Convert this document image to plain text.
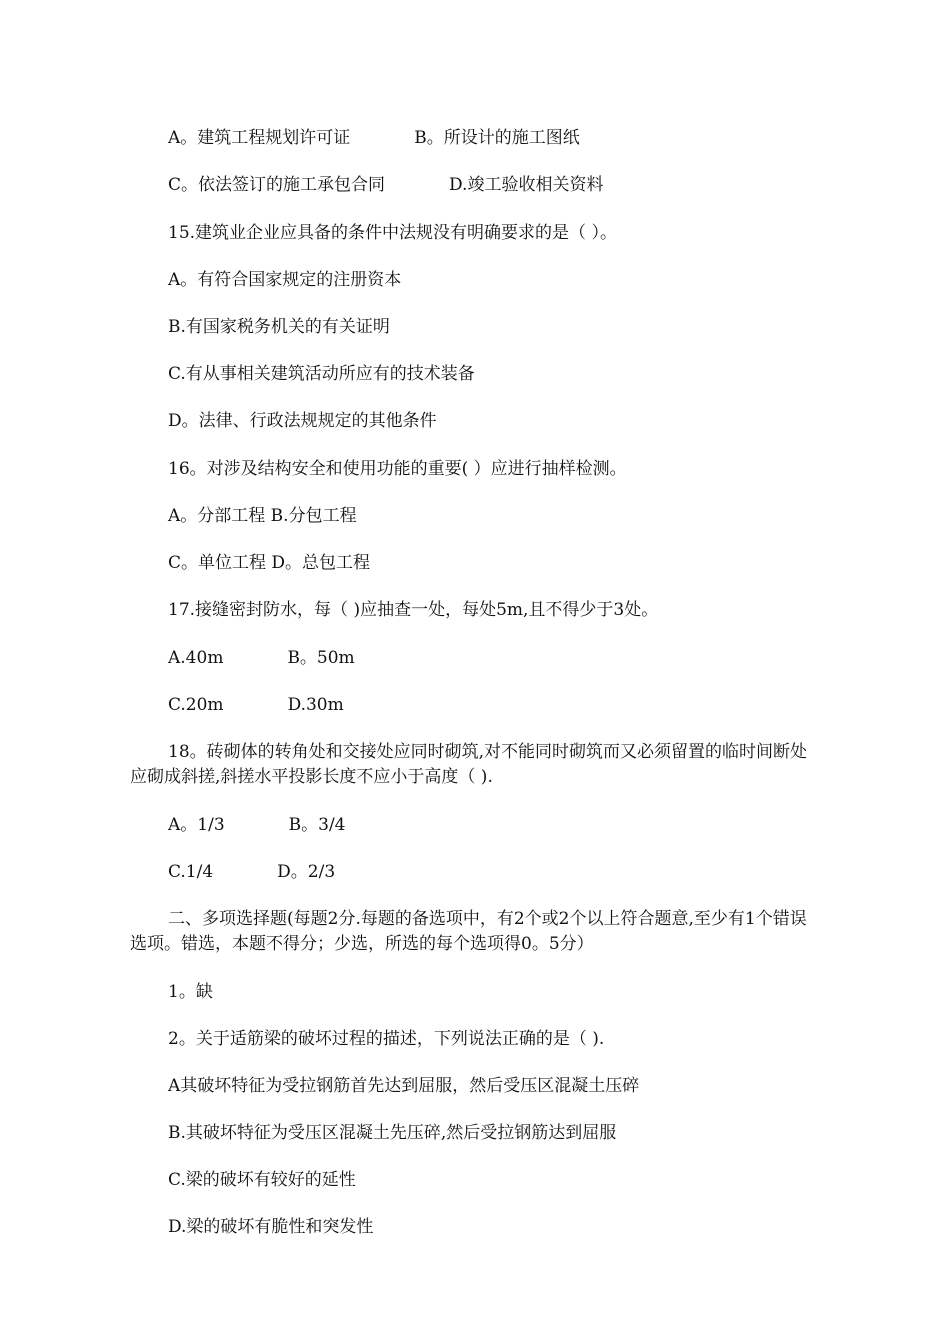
A。建筑工程规划许可证	B。所设计的施工图纸
C。依法签订的施工承包合同	D.竣工验收相关资料
15.建筑业企业应具备的条件中法规没有明确要求的是（ ）。
A。有符合国家规定的注册资本
B.有国家税务机关的有关证明
C.有从事相关建筑活动所应有的技术装备
D。法律、行政法规规定的其他条件
16。对涉及结构安全和使用功能的重要( ）应进行抽样检测。
A。分部工程 B.分包工程
C。单位工程 D。总包工程
17.接缝密封防水，每（ )应抽查一处，每处5m,且不得少于3处。
A.40m	B。50m
C.20m	D.30m
18。砖砌体的转角处和交接处应同时砌筑,对不能同时砌筑而又必须留置的临时间断处应砌成斜搓,斜搓水平投影长度不应小于高度（ ).
A。1/3	B。3/4
C.1/4	D。2/3
二、多项选择题(每题2分.每题的备选项中，有2个或2个以上符合题意,至少有1个错误选项。错选，本题不得分；少选，所选的每个选项得0。5分）
1。缺
2。关于适筋梁的破坏过程的描述，下列说法正确的是（ ).
A其破坏特征为受拉钢筋首先达到屈服，然后受压区混凝土压碎
B.其破坏特征为受压区混凝土先压碎,然后受拉钢筋达到屈服
C.梁的破坏有较好的延性
D.梁的破坏有脆性和突发性
